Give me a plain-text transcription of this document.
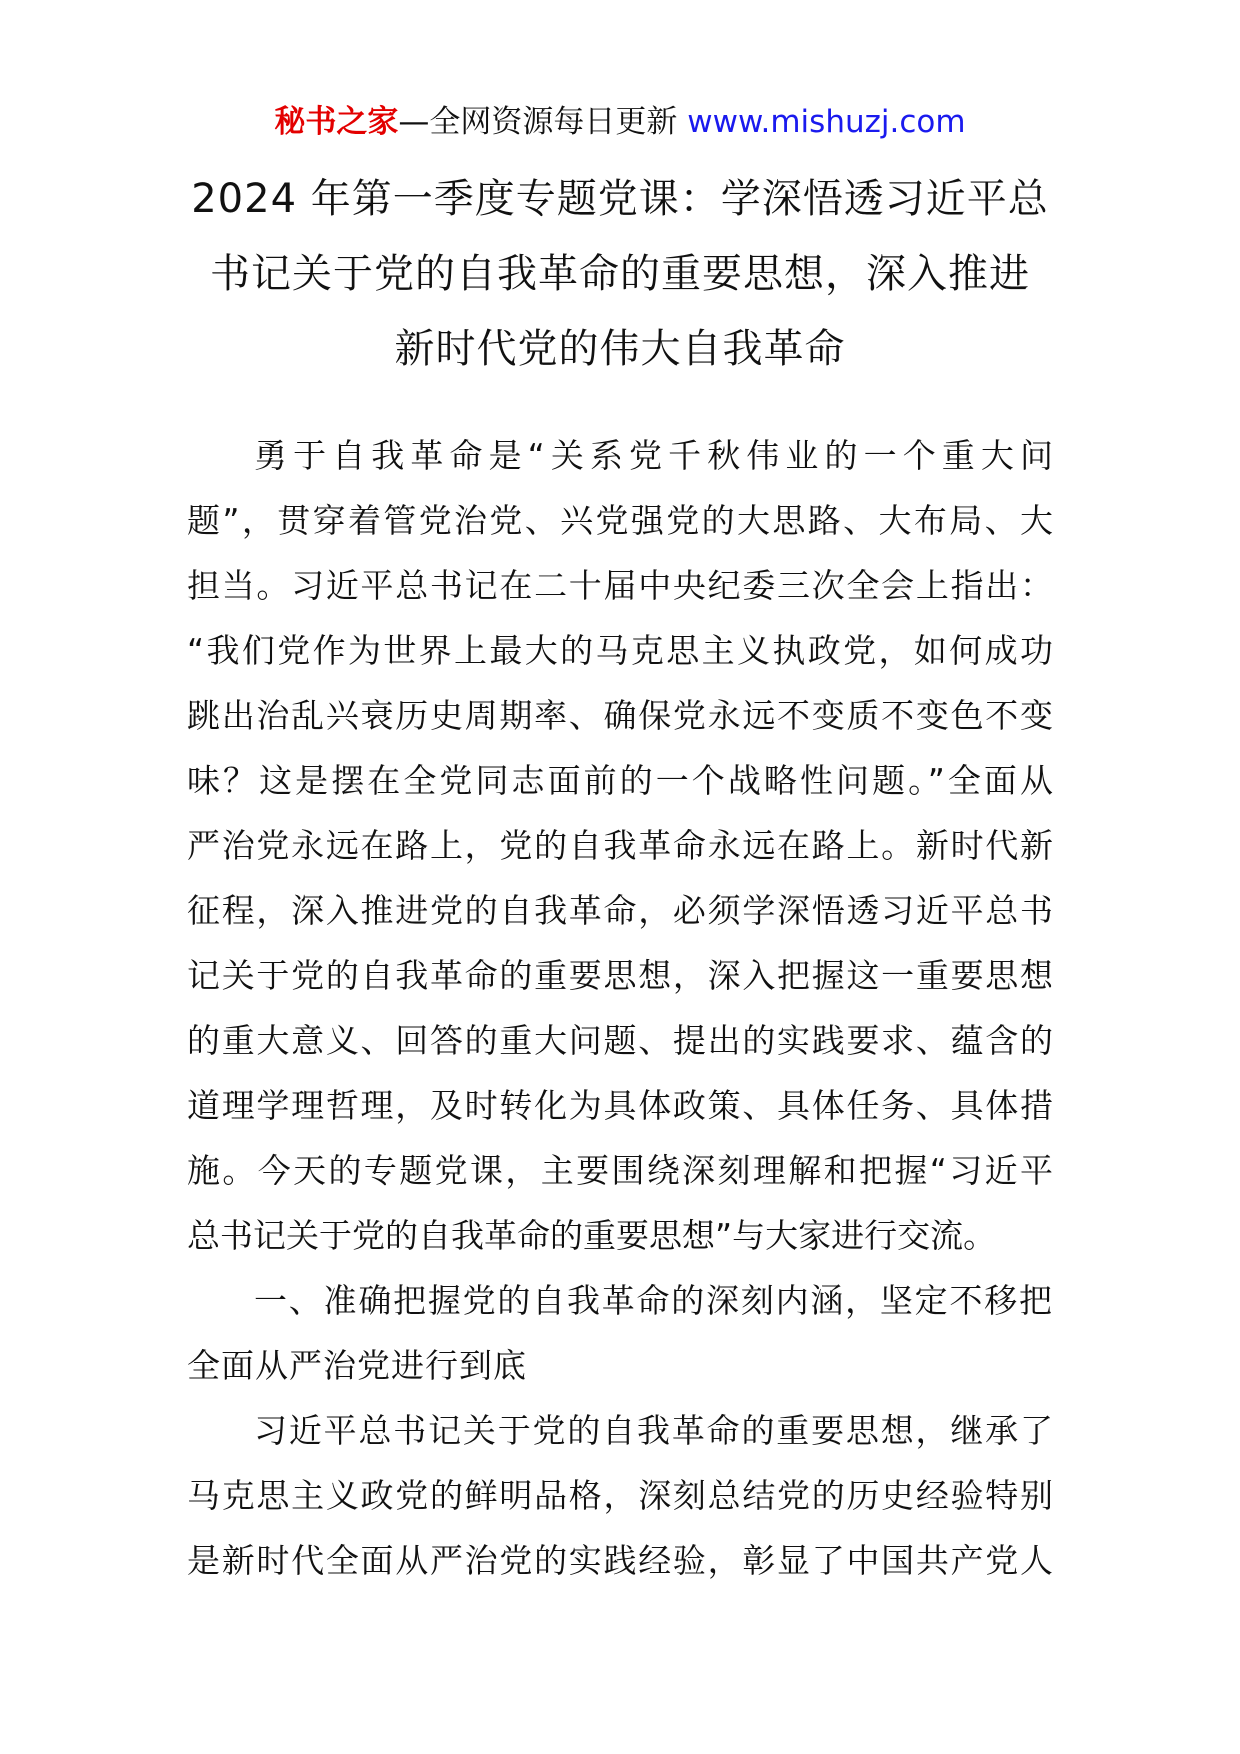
秘书之家—全网资源每日更新 www.mishuzj.com
2024 年第一季度专题党课：学深悟透习近平总
书记关于党的自我革命的重要思想，深入推进
新时代党的伟大自我革命
勇于自我革命是“关系党千秋伟业的一个重大问
题”，贯穿着管党治党、兴党强党的大思路、大布局、大
担当。习近平总书记在二十届中央纪委三次全会上指出：
“我们党作为世界上最大的马克思主义执政党，如何成功
跳出治乱兴衰历史周期率、确保党永远不变质不变色不变
味？这是摆在全党同志面前的一个战略性问题。”全面从
严治党永远在路上，党的自我革命永远在路上。新时代新
征程，深入推进党的自我革命，必须学深悟透习近平总书
记关于党的自我革命的重要思想，深入把握这一重要思想
的重大意义、回答的重大问题、提出的实践要求、蕴含的
道理学理哲理，及时转化为具体政策、具体任务、具体措
施。今天的专题党课，主要围绕深刻理解和把握“习近平
总书记关于党的自我革命的重要思想”与大家进行交流。
一、准确把握党的自我革命的深刻内涵，坚定不移把
全面从严治党进行到底
习近平总书记关于党的自我革命的重要思想，继承了
马克思主义政党的鲜明品格，深刻总结党的历史经验特别
是新时代全面从严治党的实践经验，彰显了中国共产党人
